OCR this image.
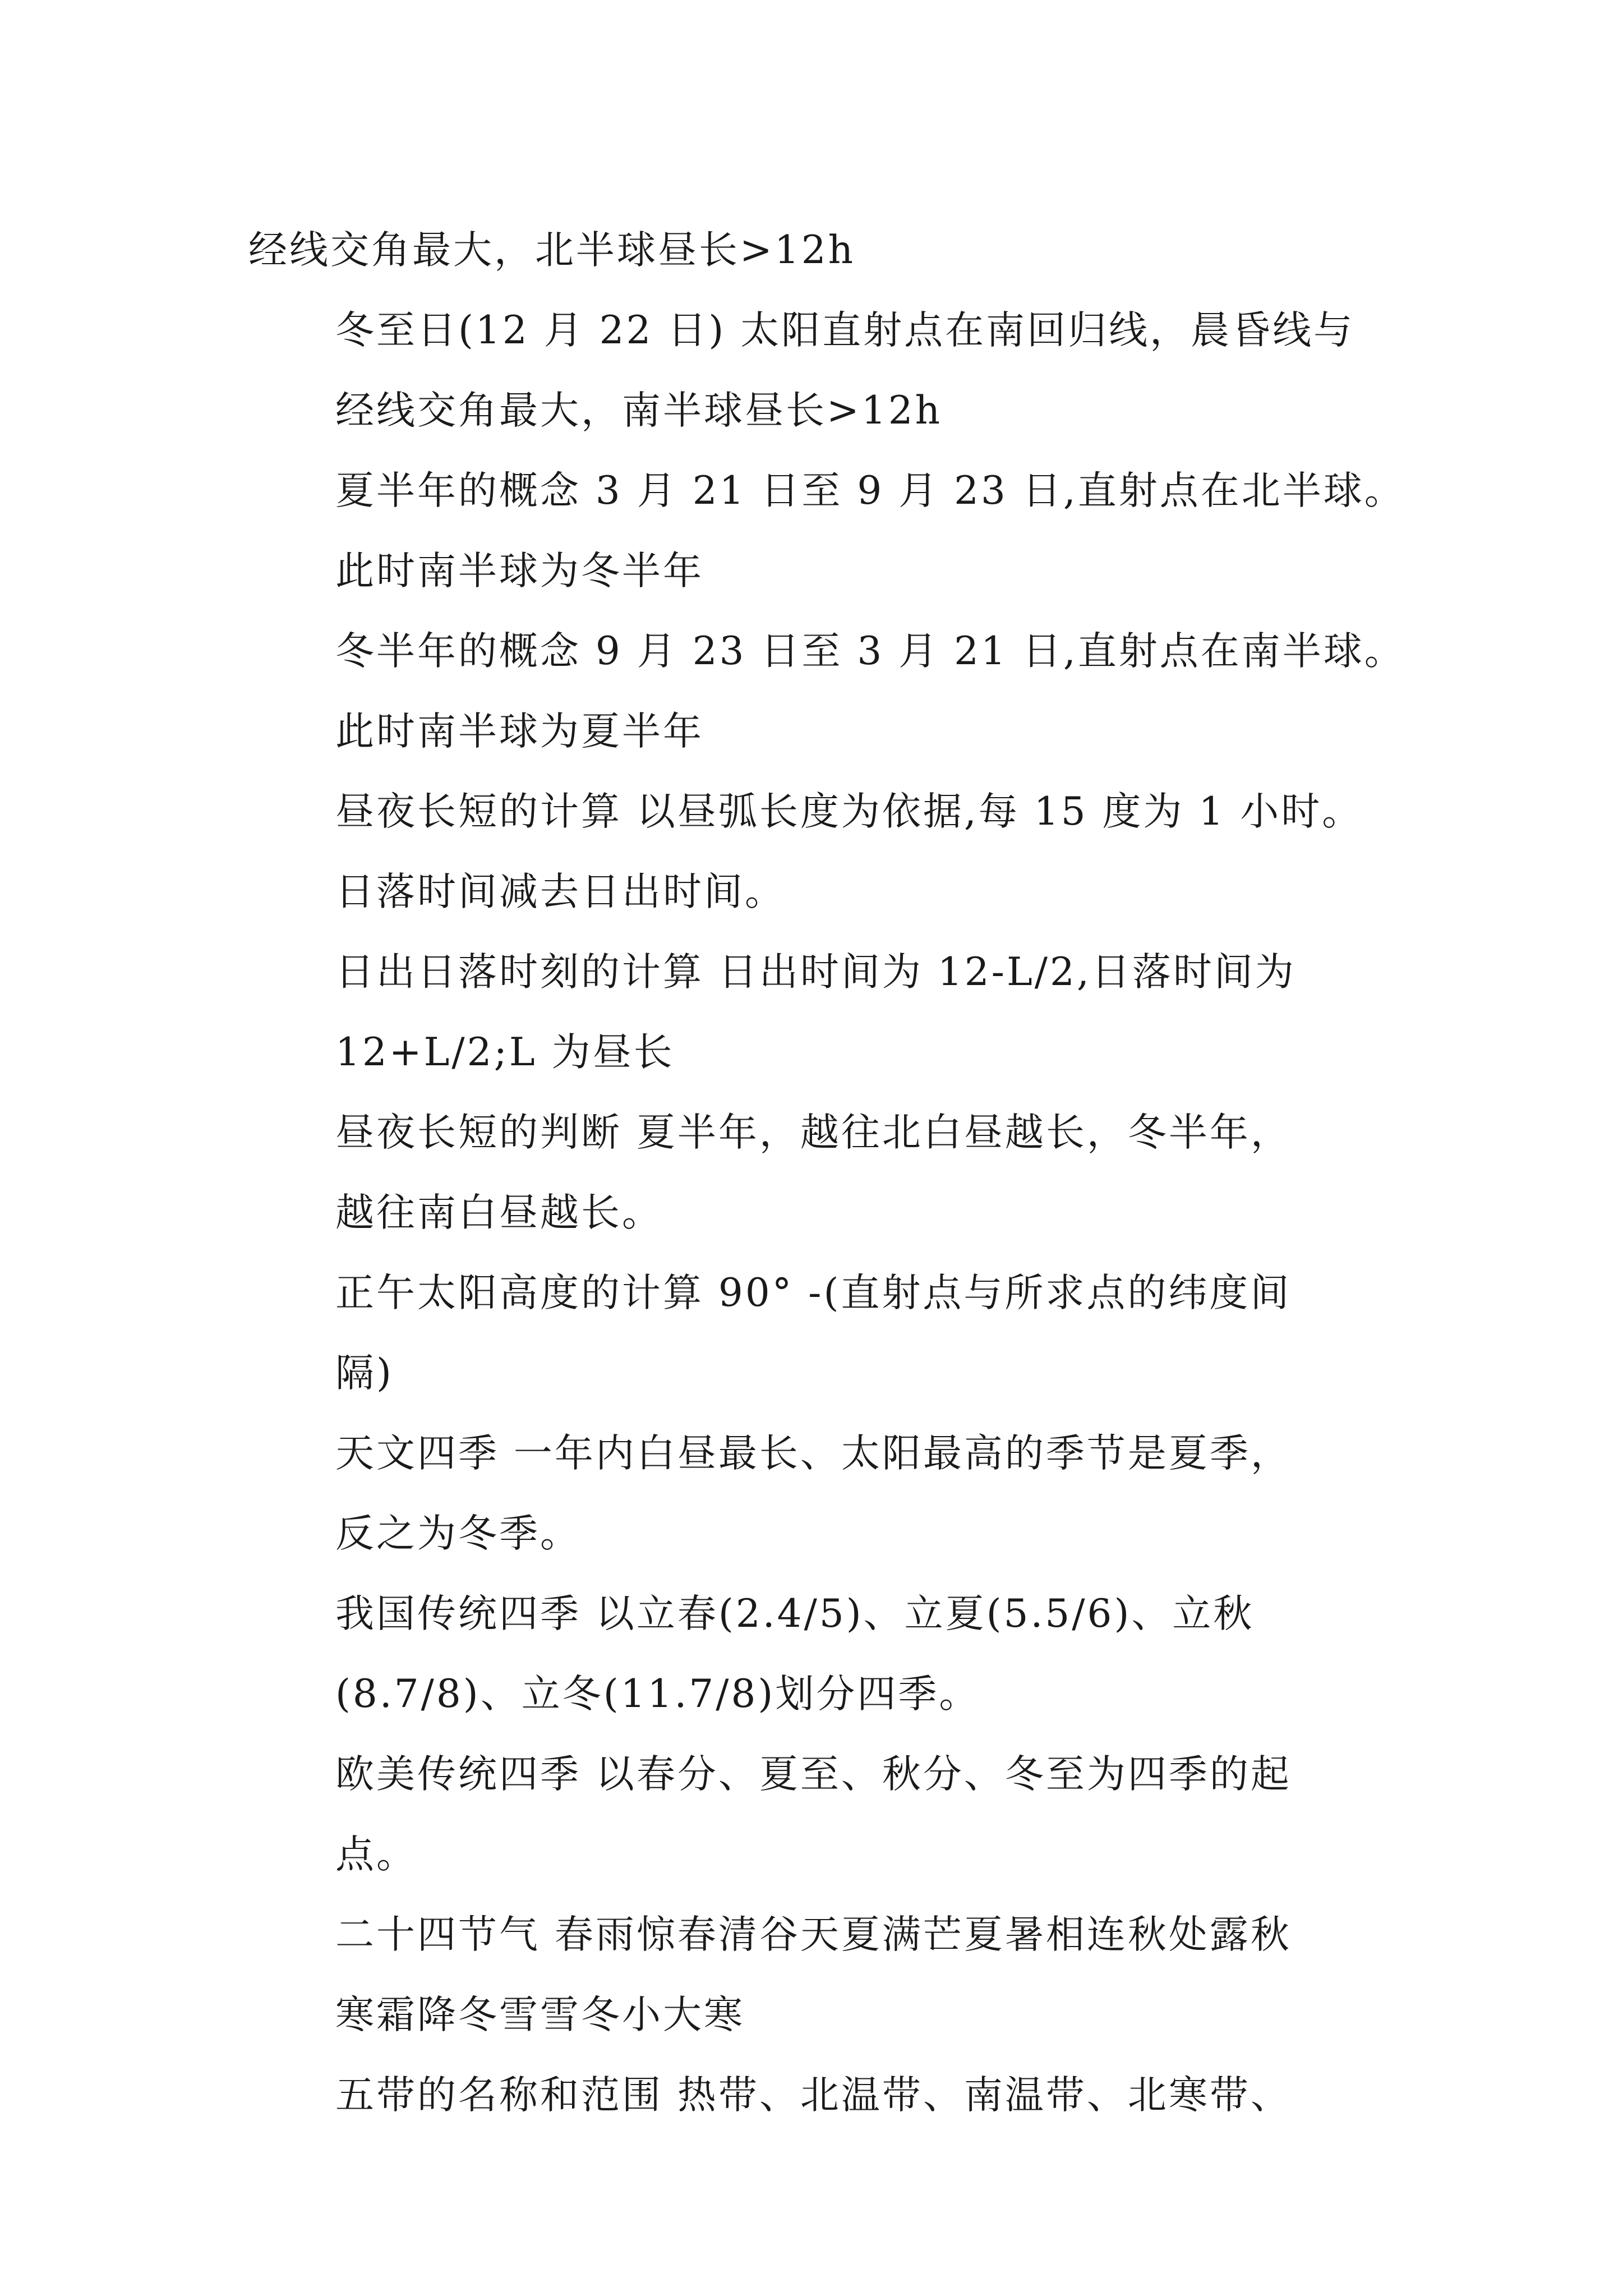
经线交角最大，北半球昼长>12h

冬至日(12 月 22 日) 太阳直射点在南回归线，晨昏线与
经线交角最大，南半球昼长>12h

夏半年的概念 3 月 21 日至 9 月 23 日,直射点在北半球。
此时南半球为冬半年

冬半年的概念 9 月 23 日至 3 月 21 日,直射点在南半球。
此时南半球为夏半年

昼夜长短的计算 以昼弧长度为依据,每 15 度为 1 小时。
日落时间减去日出时间。

日出日落时刻的计算 日出时间为 12-L/2,日落时间为
12+L/2;L 为昼长

昼夜长短的判断 夏半年，越往北白昼越长，冬半年，
越往南白昼越长。

正午太阳高度的计算 90° -(直射点与所求点的纬度间
隔)

天文四季 一年内白昼最长、太阳最高的季节是夏季，
反之为冬季。

我国传统四季 以立春(2.4/5)、立夏(5.5/6)、立秋
(8.7/8)、立冬(11.7/8)划分四季。

欧美传统四季 以春分、夏至、秋分、冬至为四季的起
点。

二十四节气 春雨惊春清谷天夏满芒夏暑相连秋处露秋
寒霜降冬雪雪冬小大寒

五带的名称和范围 热带、北温带、南温带、北寒带、
